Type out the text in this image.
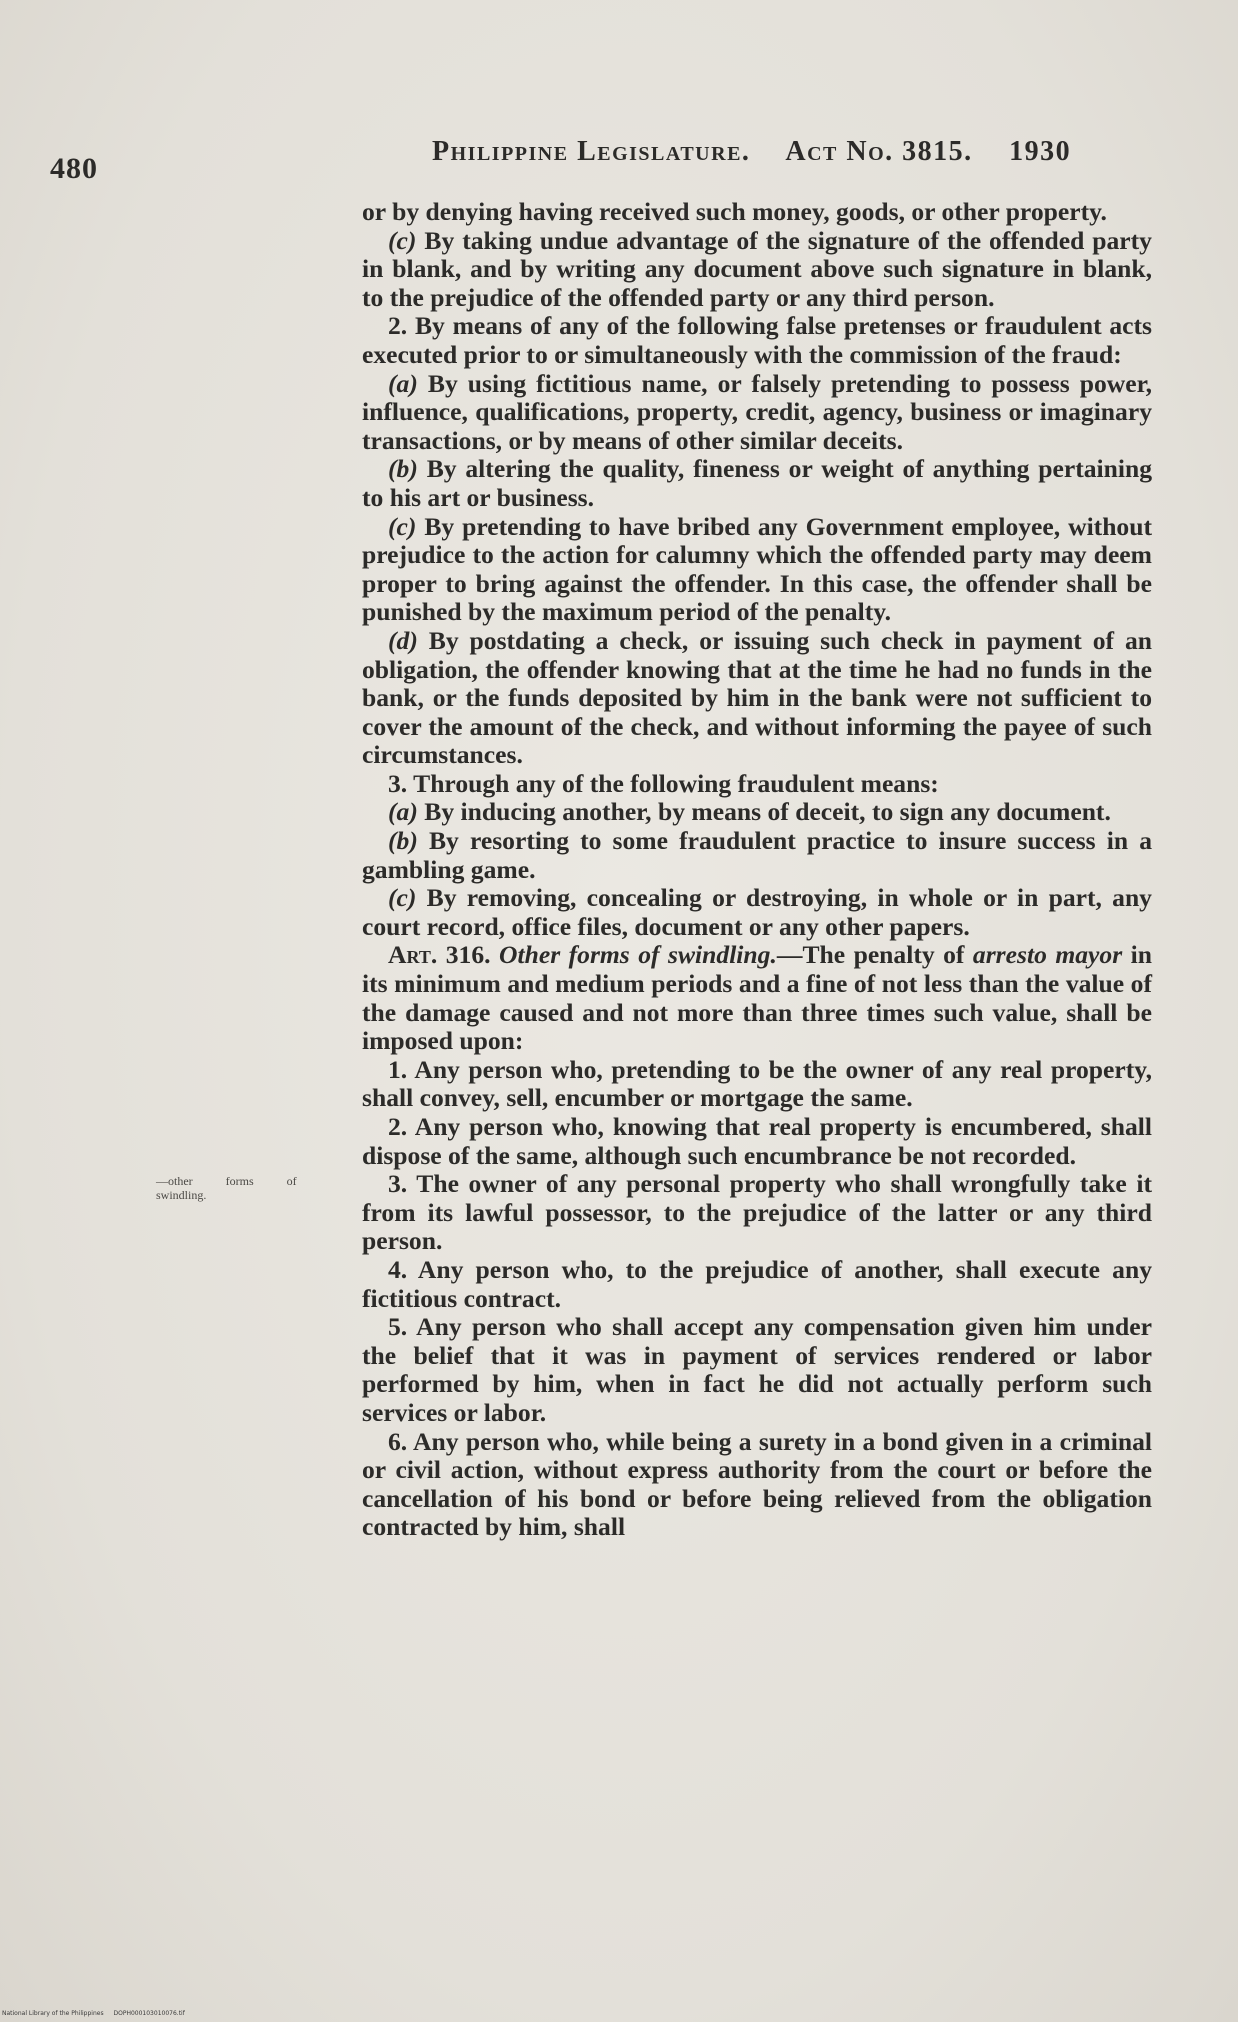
480
Philippine Legislature. Act No. 3815. 1930
—other forms of swindling.

or by denying having received such money, goods, or other property.

(c) By taking undue advantage of the signature of the offended party in blank, and by writing any document above such signature in blank, to the prejudice of the offended party or any third person.

2. By means of any of the following false pretenses or fraudulent acts executed prior to or simultaneously with the commission of the fraud:

(a) By using fictitious name, or falsely pretending to possess power, influence, qualifications, property, credit, agency, business or imaginary transactions, or by means of other similar deceits.

(b) By altering the quality, fineness or weight of anything pertaining to his art or business.

(c) By pretending to have bribed any Government employee, without prejudice to the action for calumny which the offended party may deem proper to bring against the offender. In this case, the offender shall be punished by the maximum period of the penalty.

(d) By postdating a check, or issuing such check in payment of an obligation, the offender knowing that at the time he had no funds in the bank, or the funds deposited by him in the bank were not sufficient to cover the amount of the check, and without informing the payee of such circumstances.

3. Through any of the following fraudulent means:

(a) By inducing another, by means of deceit, to sign any document.

(b) By resorting to some fraudulent practice to insure success in a gambling game.

(c) By removing, concealing or destroying, in whole or in part, any court record, office files, document or any other papers.

Art. 316. Other forms of swindling.—The penalty of arresto mayor in its minimum and medium periods and a fine of not less than the value of the damage caused and not more than three times such value, shall be imposed upon:

1. Any person who, pretending to be the owner of any real property, shall convey, sell, encumber or mortgage the same.

2. Any person who, knowing that real property is encumbered, shall dispose of the same, although such encumbrance be not recorded.

3. The owner of any personal property who shall wrongfully take it from its lawful possessor, to the prejudice of the latter or any third person.

4. Any person who, to the prejudice of another, shall execute any fictitious contract.

5. Any person who shall accept any compensation given him under the belief that it was in payment of services rendered or labor performed by him, when in fact he did not actually perform such services or labor.

6. Any person who, while being a surety in a bond given in a criminal or civil action, without express authority from the court or before the cancellation of his bond or before being relieved from the obligation contracted by him, shall

National Library of the Philippines DOPH000103010076.tif
